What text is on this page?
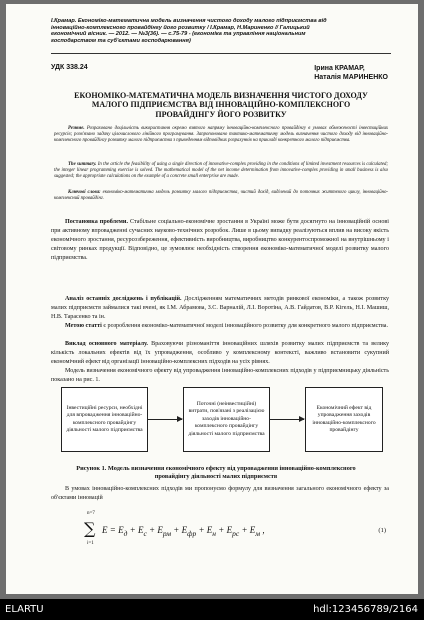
І.Крамар. Економіко-математична модель визначення чистого доходу малого підприємства від
інноваційно-комплексного провайдінгу його розвитку / І.Крамар, Н.Мариненко // Галицький
економічний вісник. — 2012. — №3(36). — с.75-79 - (економіка та управління національним
господарством та суб'єктами господарювання)
УДК 338.24	Ірина КРАМАР,
Наталія МАРИНЕНКО
ЕКОНОМІКО-МАТЕМАТИЧНА МОДЕЛЬ ВИЗНАЧЕННЯ ЧИСТОГО ДОХОДУ МАЛОГО ПІДПРИЄМСТВА ВІД ІННОВАЦІЙНО-КОМПЛЕКСНОГО ПРОВАЙДІНГУ ЙОГО РОЗВИТКУ
Резюме. Розраховано доцільність використання окремо взятого напряму інноваційно-комплексного провайдінгу в умовах обмеженості інвестиційних ресурсів; розв'язано задачу цілочислового лінійного програмування. Запропоновано тактико-математичну модель визначення чистого доходу від інноваційно-комплексного провайдінгу розвитку малого підприємства з приведенням відповідних розрахунків на прикладі конкретного малого підприємства.
The summary. In the article the feasibility of using a single direction of innovative-complex providing in the conditions of limited investment resources is calculated; the integer linear programming exercise is solved. The mathematical model of the net income determination from innovative-complex providing in small business is also suggested; the appropriate calculations on the example of a concrete small enterprise are made.
Ключові слова: економіко-математична модель розвитку малого підприємства, чистий дохід, виділений до поточних життєвого циклу, інноваційно-комплексний провайдінг.
Постановка проблеми. Стабільне соціально-економічне зростання в Україні може бути досягнуто на інноваційній основі при активному впровадженні сучасних науково-технічних розробок. Лише в цьому випадку реалізуються вплив на високу якість економічного зростання, ресурсозбереження, ефективність виробництва, виробництво конкурентоспроможної на внутрішньому і світовому ринках продукції. Відповідно, це зумовлює необхідність створення економіко-математичної моделі розвитку малого підприємства.
Аналіз останніх досліджень і публікацій. Дослідженням математичних методів ринкової економіки, а також розвитку малих підприємств займалися такі вчені, як І.М. Абрамова, З.С. Варналій, Л.І. Воротіна, А.В. Гайдатов, В.Р. Кігель, Н.І. Машиш, Н.В. Тарасенко та ін.
Метою статті є розроблення економіко-математичної моделі інноваційного розвитку для конкретного малого підприємства.
Виклад основного матеріалу. Враховуючи різноманіття інноваційних шляхів розвитку малих підприємств та велику кількість локальних ефектів від їх упровадження, особливо у комплексному контексті, важливо встановити сукупний економічний ефект від організації інноваційно-комплексних підходів на усіх рівнях.
Модель визначення економічного ефекту від упровадження інноваційно-комплексних підходів у підприємницьку діяльність показано на рис. 1.
Інвестиційні ресурси, необхідні для впровадження інноваційно-комплексного провайдінгу діяльності малого підприємства
Поточні (неінвестиційні) витрати, пов'язані з реалізацією заходів інноваційно-комплексного провайдінгу діяльності малого підприємства
Економічний ефект від упровадження заходів інноваційно-комплексного провайдінгу
Рисунок 1. Модель визначення економічного ефекту від упровадження інноваційно-комплексного провайдінгу діяльності малих підприємств
В умовах інноваційно-комплексних підходів ми пропонуємо формулу для визначення загального економічного ефекту за об'єктами інновацій
n=7
∑
i=1
$E = E_д + E_с + E_{рм} + E_{фр} + E_н + E_{рс} + E_м$ ,	(1)
ELARTU	hdl:123456789/2164
